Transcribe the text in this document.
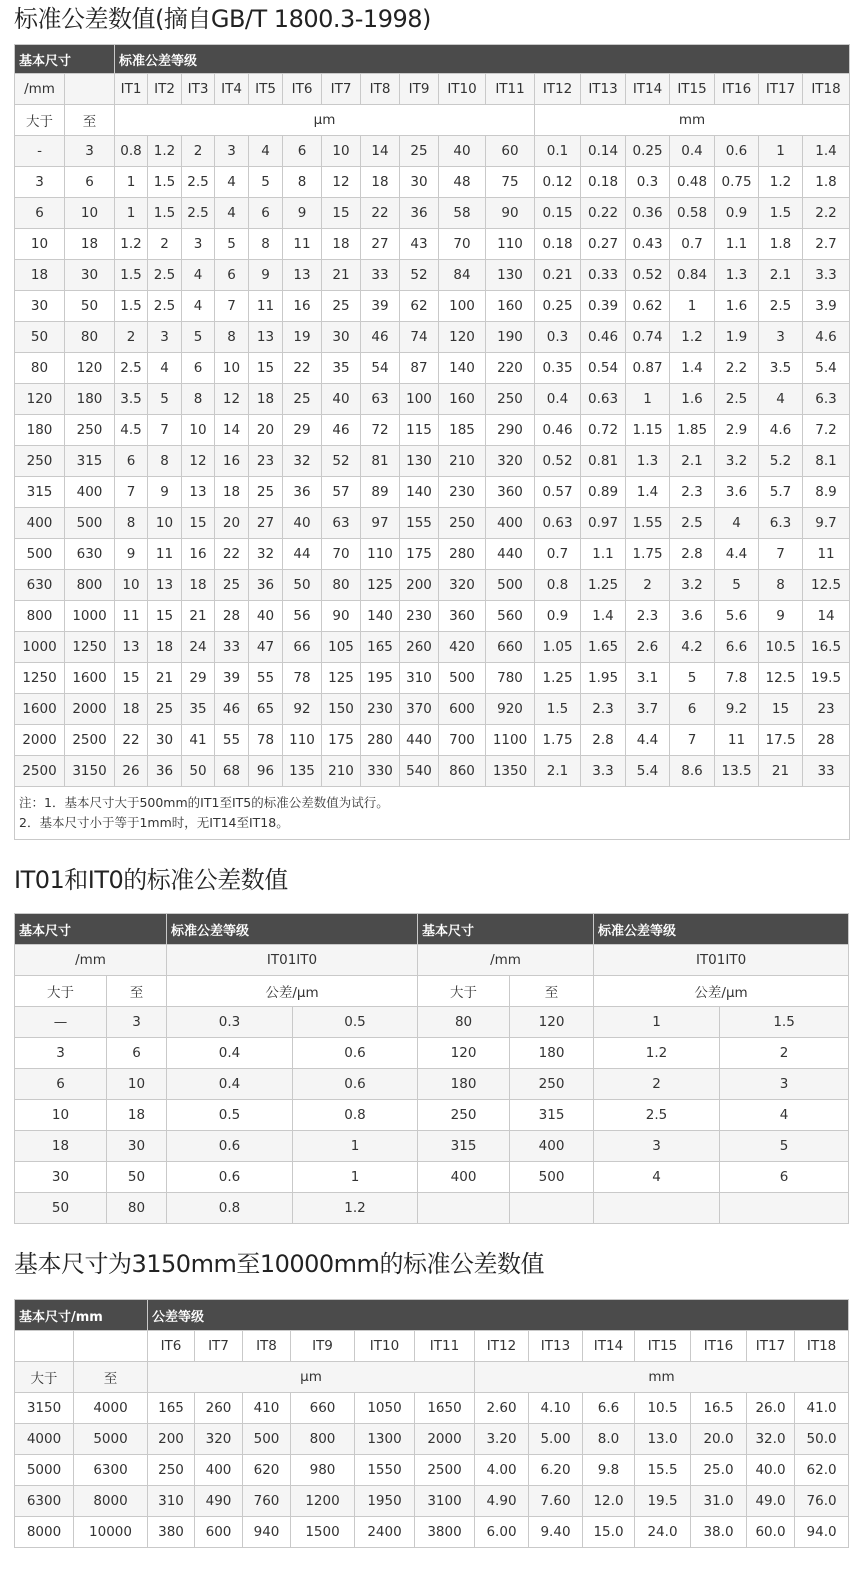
标准公差数值(摘自GB/T 1800.3-1998)
基本尺寸		标准公差等级																	
/mm		IT1	IT2	IT3	IT4	IT5	IT6	IT7	IT8	IT9	IT10	IT11	IT12	IT13	IT14	IT15	IT16	IT17	IT18
大于	至	μm											mm						
-	3	0.8	1.2	2	3	4	6	10	14	25	40	60	0.1	0.14	0.25	0.4	0.6	1	1.4
3	6	1	1.5	2.5	4	5	8	12	18	30	48	75	0.12	0.18	0.3	0.48	0.75	1.2	1.8
6	10	1	1.5	2.5	4	6	9	15	22	36	58	90	0.15	0.22	0.36	0.58	0.9	1.5	2.2
10	18	1.2	2	3	5	8	11	18	27	43	70	110	0.18	0.27	0.43	0.7	1.1	1.8	2.7
18	30	1.5	2.5	4	6	9	13	21	33	52	84	130	0.21	0.33	0.52	0.84	1.3	2.1	3.3
30	50	1.5	2.5	4	7	11	16	25	39	62	100	160	0.25	0.39	0.62	1	1.6	2.5	3.9
50	80	2	3	5	8	13	19	30	46	74	120	190	0.3	0.46	0.74	1.2	1.9	3	4.6
80	120	2.5	4	6	10	15	22	35	54	87	140	220	0.35	0.54	0.87	1.4	2.2	3.5	5.4
120	180	3.5	5	8	12	18	25	40	63	100	160	250	0.4	0.63	1	1.6	2.5	4	6.3
180	250	4.5	7	10	14	20	29	46	72	115	185	290	0.46	0.72	1.15	1.85	2.9	4.6	7.2
250	315	6	8	12	16	23	32	52	81	130	210	320	0.52	0.81	1.3	2.1	3.2	5.2	8.1
315	400	7	9	13	18	25	36	57	89	140	230	360	0.57	0.89	1.4	2.3	3.6	5.7	8.9
400	500	8	10	15	20	27	40	63	97	155	250	400	0.63	0.97	1.55	2.5	4	6.3	9.7
500	630	9	11	16	22	32	44	70	110	175	280	440	0.7	1.1	1.75	2.8	4.4	7	11
630	800	10	13	18	25	36	50	80	125	200	320	500	0.8	1.25	2	3.2	5	8	12.5
800	1000	11	15	21	28	40	56	90	140	230	360	560	0.9	1.4	2.3	3.6	5.6	9	14
1000	1250	13	18	24	33	47	66	105	165	260	420	660	1.05	1.65	2.6	4.2	6.6	10.5	16.5
1250	1600	15	21	29	39	55	78	125	195	310	500	780	1.25	1.95	3.1	5	7.8	12.5	19.5
1600	2000	18	25	35	46	65	92	150	230	370	600	920	1.5	2.3	3.7	6	9.2	15	23
2000	2500	22	30	41	55	78	110	175	280	440	700	1100	1.75	2.8	4.4	7	11	17.5	28
2500	3150	26	36	50	68	96	135	210	330	540	860	1350	2.1	3.3	5.4	8.6	13.5	21	33

注：1．基本尺寸大于500mm的IT1至IT5的标准公差数值为试行。
2．基本尺寸小于等于1mm时，无IT14至IT18。																			
IT01和IT0的标准公差数值
基本尺寸		标准公差等级		基本尺寸		标准公差等级	
/mm		IT01IT0		/mm		IT01IT0	
大于	至	公差/μm		大于	至	公差/μm	
—	3	0.3	0.5	80	120	1	1.5
3	6	0.4	0.6	120	180	1.2	2
6	10	0.4	0.6	180	250	2	3
10	18	0.5	0.8	250	315	2.5	4
18	30	0.6	1	315	400	3	5
30	50	0.6	1	400	500	4	6
50	80	0.8	1.2				
基本尺寸为3150mm至10000mm的标准公差数值
基本尺寸/mm		公差等级												
		IT6	IT7	IT8	IT9	IT10	IT11	IT12	IT13	IT14	IT15	IT16	IT17	IT18
大于	至	μm						mm						
3150	4000	165	260	410	660	1050	1650	2.60	4.10	6.6	10.5	16.5	26.0	41.0
4000	5000	200	320	500	800	1300	2000	3.20	5.00	8.0	13.0	20.0	32.0	50.0
5000	6300	250	400	620	980	1550	2500	4.00	6.20	9.8	15.5	25.0	40.0	62.0
6300	8000	310	490	760	1200	1950	3100	4.90	7.60	12.0	19.5	31.0	49.0	76.0
8000	10000	380	600	940	1500	2400	3800	6.00	9.40	15.0	24.0	38.0	60.0	94.0
